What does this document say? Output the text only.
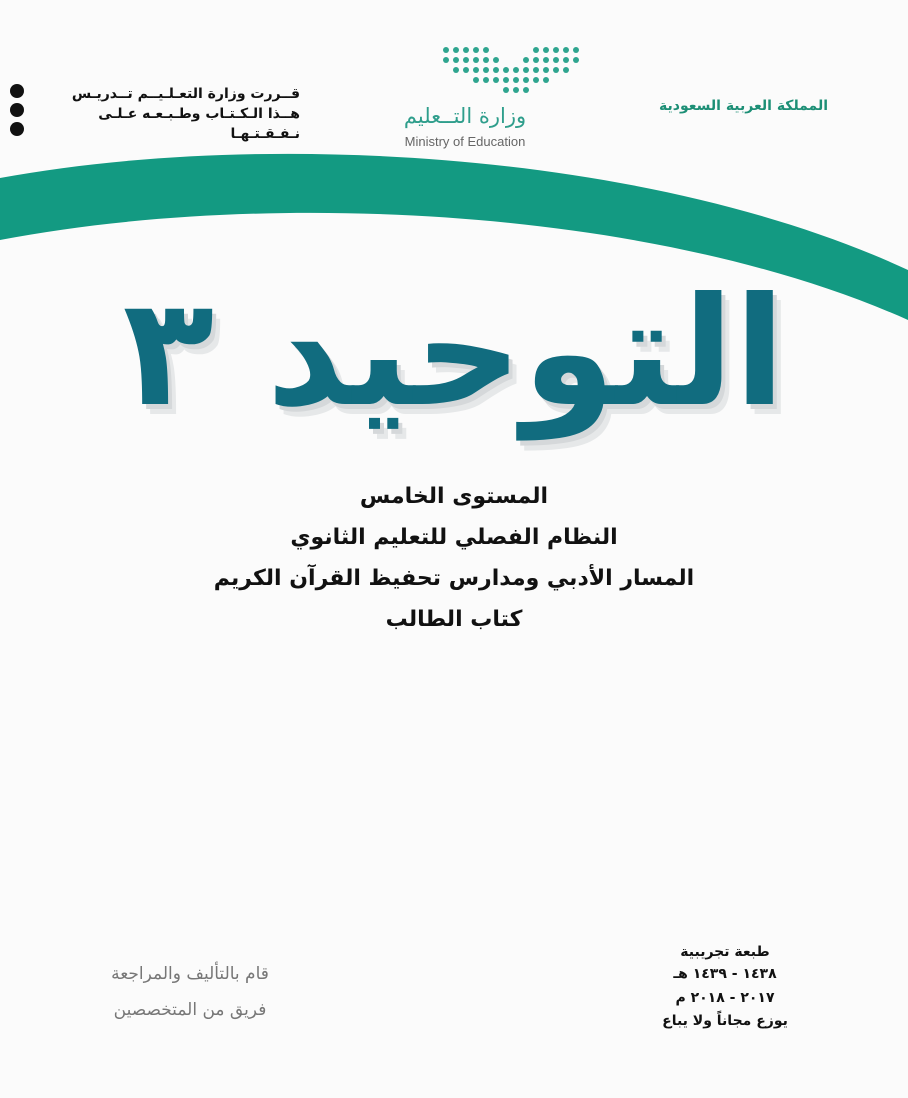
قــررت وزارة التعـلـيــم تــدريـس
هــذا الـكـتـاب وطـبـعـه عـلـى نـفـقـتـهـا
وزارة التــعليم
Ministry of Education
المملكة العربية السعودية
التوحيد ٣
المستوى الخامس
النظام الفصلي للتعليم الثانوي
المسار الأدبي ومدارس تحفيظ القرآن الكريم
كتاب الطالب
قام بالتأليف والمراجعة
فريق من المتخصصين
طبعة تجريبية
١٤٣٨ - ١٤٣٩ هـ
٢٠١٧ - ٢٠١٨ م
يوزع مجاناً ولا يباع
